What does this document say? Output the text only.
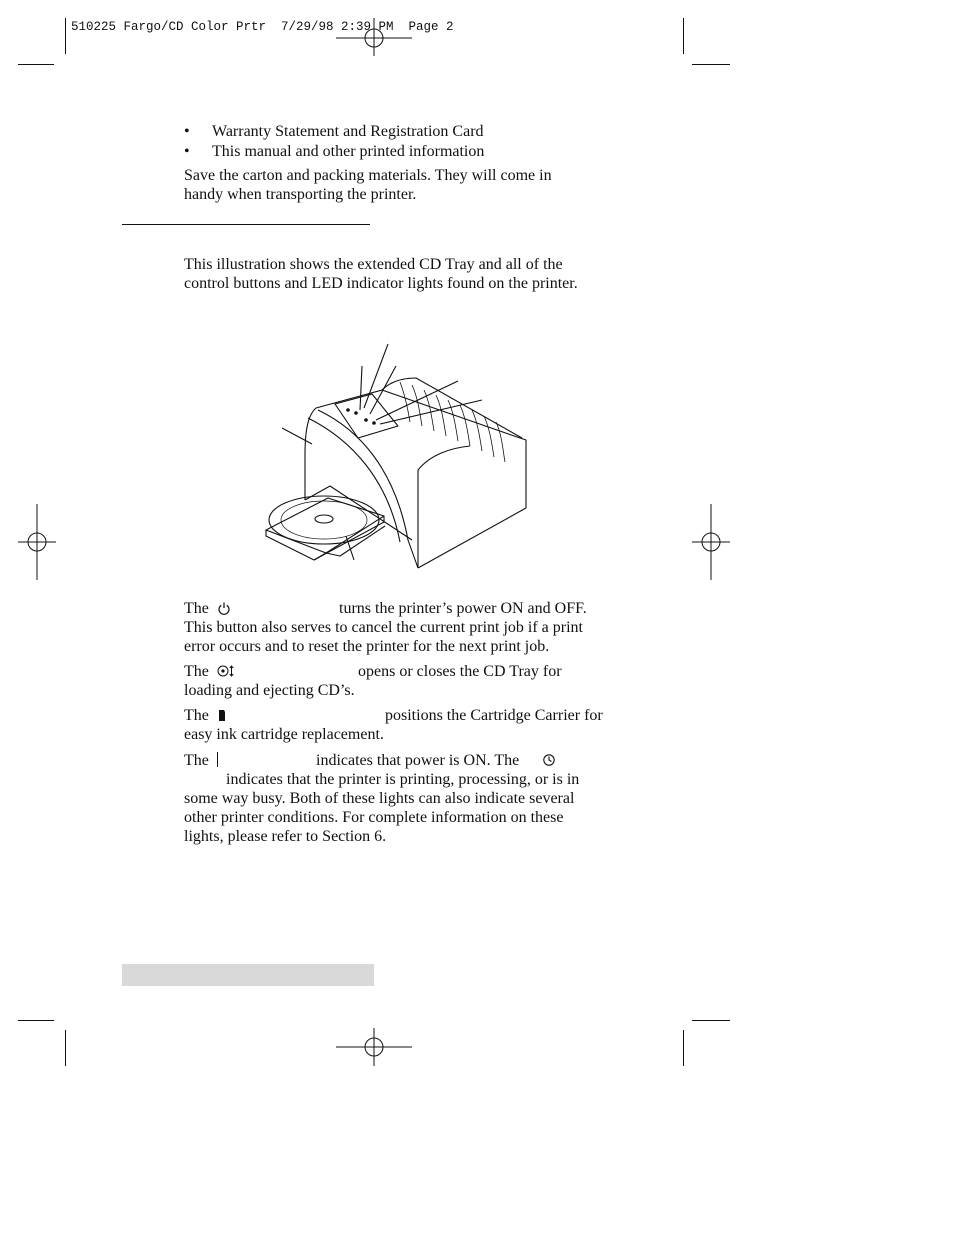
510225 Fargo/CD Color Prtr  7/29/98 2:39 PM  Page 2
• Warranty Statement and Registration Card
• This manual and other printed information
Save the carton and packing materials. They will come in
handy when transporting the printer.
This illustration shows the extended CD Tray and all of the
control buttons and LED indicator lights found on the printer.
The	turns the printer’s power ON and OFF.
This button also serves to cancel the current print job if a print
error occurs and to reset the printer for the next print job.
The	opens or closes the CD Tray for
loading and ejecting CD’s.
The	positions the Cartridge Carrier for
easy ink cartridge replacement.
The	indicates that power is ON. The
indicates that the printer is printing, processing, or is in
some way busy. Both of these lights can also indicate several
other printer conditions. For complete information on these
lights, please refer to Section 6.
